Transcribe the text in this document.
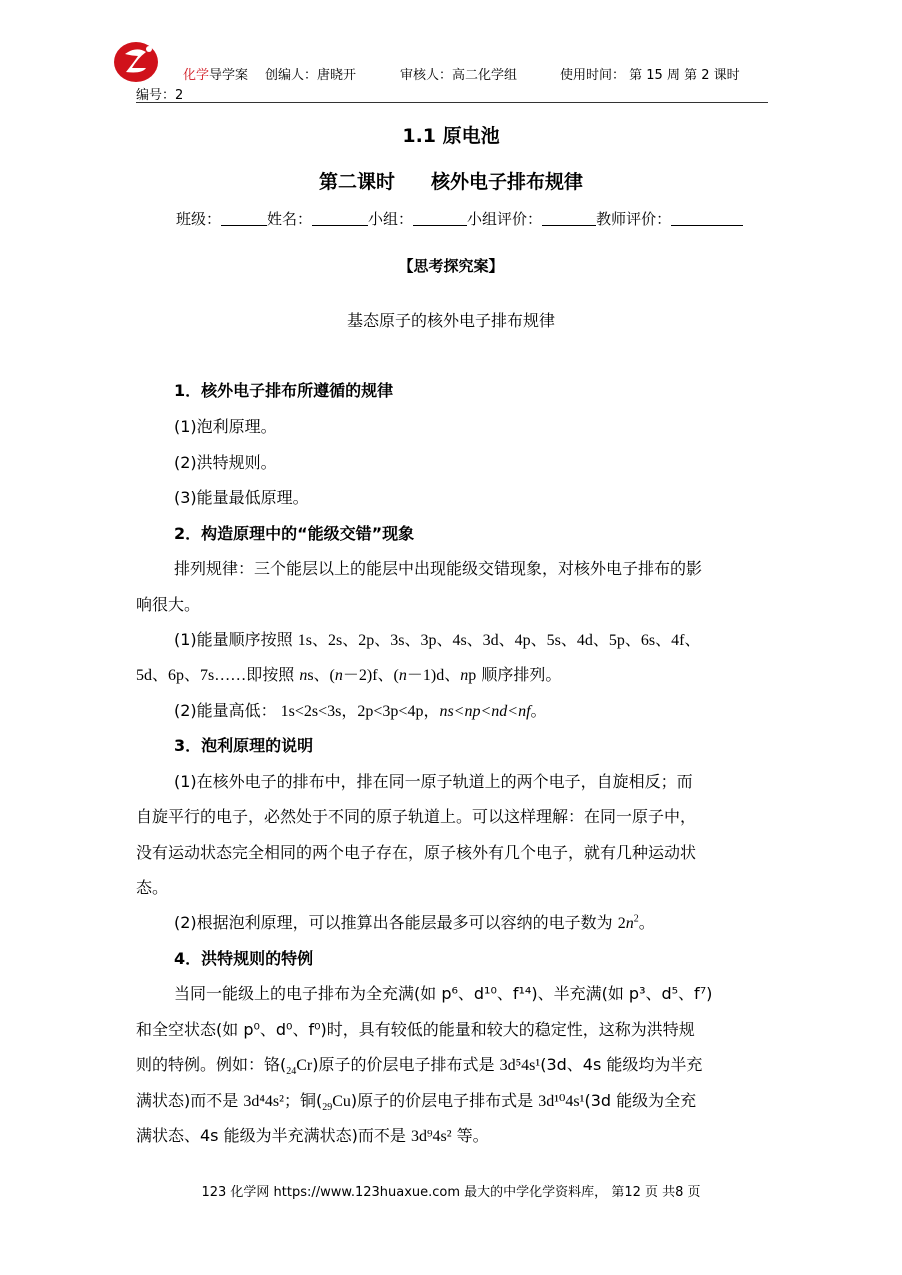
化学导学案 创编人：唐晓开	审核人：高二化学组	使用时间： 第 15 周 第 2 课时
编号：2
1.1 原电池
第二课时 核外电子排布规律
班级：	姓名：	小组：	小组评价：	教师评价：
【思考探究案】
基态原子的核外电子排布规律
1．核外电子排布所遵循的规律
(1)泡利原理。
(2)洪特规则。
(3)能量最低原理。
2．构造原理中的“能级交错”现象
排列规律：三个能层以上的能层中出现能级交错现象，对核外电子排布的影
响很大。
(1)能量顺序按照 1s、2s、2p、3s、3p、4s、3d、4p、5s、4d、5p、6s、4f、
5d、6p、7s……即按照 ns、(n－2)f、(n－1)d、np 顺序排列。
(2)能量高低： 1s<2s<3s，2p<3p<4p，ns<np<nd<nf。
3．泡利原理的说明
(1)在核外电子的排布中，排在同一原子轨道上的两个电子，自旋相反；而
自旋平行的电子，必然处于不同的原子轨道上。可以这样理解：在同一原子中，
没有运动状态完全相同的两个电子存在，原子核外有几个电子，就有几种运动状
态。
(2)根据泡利原理，可以推算出各能层最多可以容纳的电子数为 $2n^2$。
4．洪特规则的特例
当同一能级上的电子排布为全充满(如 p⁶、d¹⁰、f¹⁴)、半充满(如 p³、d⁵、f⁷)
和全空状态(如 p⁰、d⁰、f⁰)时，具有较低的能量和较大的稳定性，这称为洪特规
则的特例。例如：铬$(_{24}Cr)$原子的价层电子排布式是 3d⁵4s¹(3d、4s 能级均为半充
满状态)而不是 3d⁴4s²；铜$(_{29}Cu)$原子的价层电子排布式是 3d¹⁰4s¹(3d 能级为全充
满状态、4s 能级为半充满状态)而不是 3d⁹4s² 等。
123 化学网 https://www.123huaxue.com 最大的中学化学资料库， 第12 页 共8 页
